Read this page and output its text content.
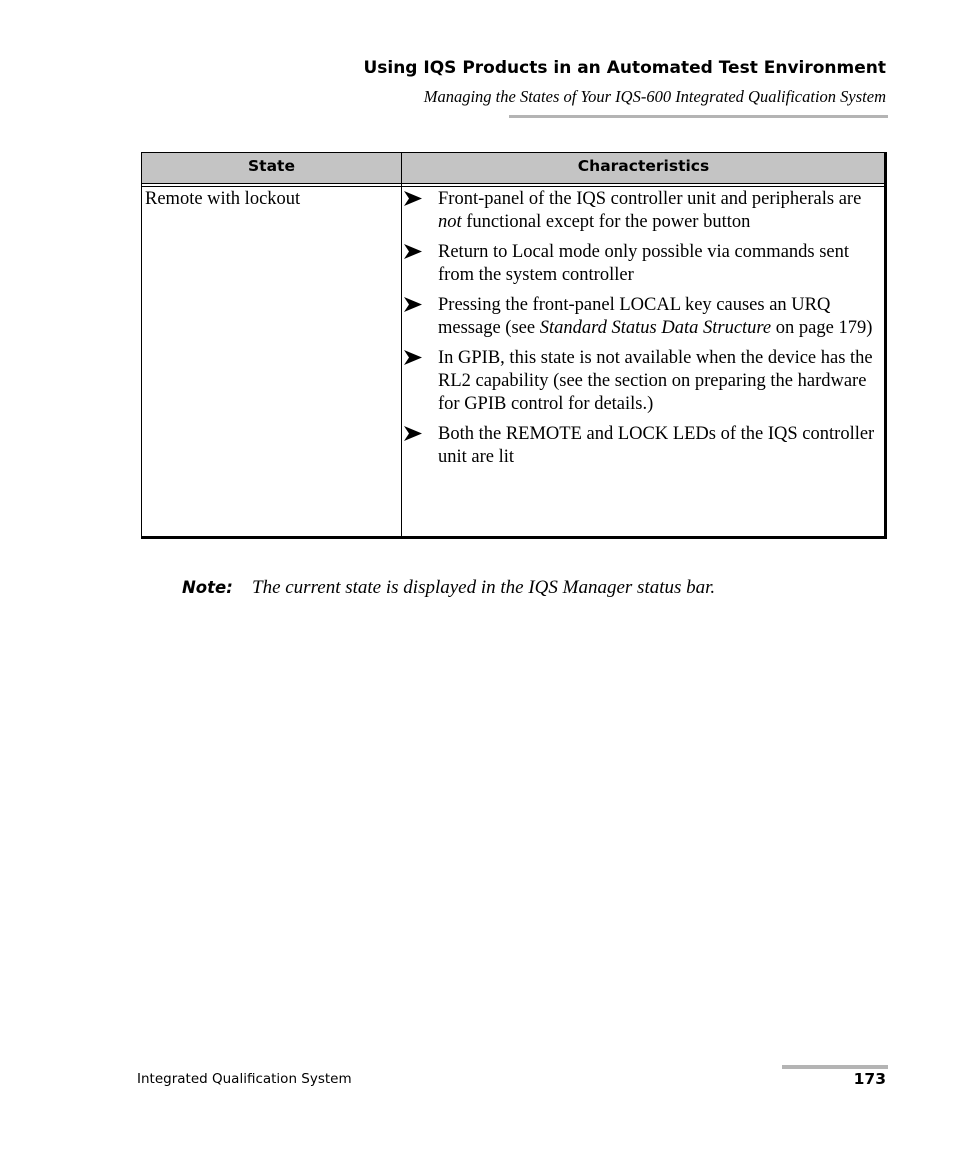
Using IQS Products in an Automated Test Environment
Managing the States of Your IQS-600 Integrated Qualification System
State	Characteristics
Remote with lockout	Front-panel of the IQS controller unit and peripherals are not functional except for the power button
Return to Local mode only possible via commands sent from the system controller
Pressing the front-panel LOCAL key causes an URQ message (see Standard Status Data Structure on page 179)
In GPIB, this state is not available when the device has the RL2 capability (see the section on preparing the hardware for GPIB control for details.)
Both the REMOTE and LOCK LEDs of the IQS controller unit are lit
Note: The current state is displayed in the IQS Manager status bar.
Integrated Qualification System	173
